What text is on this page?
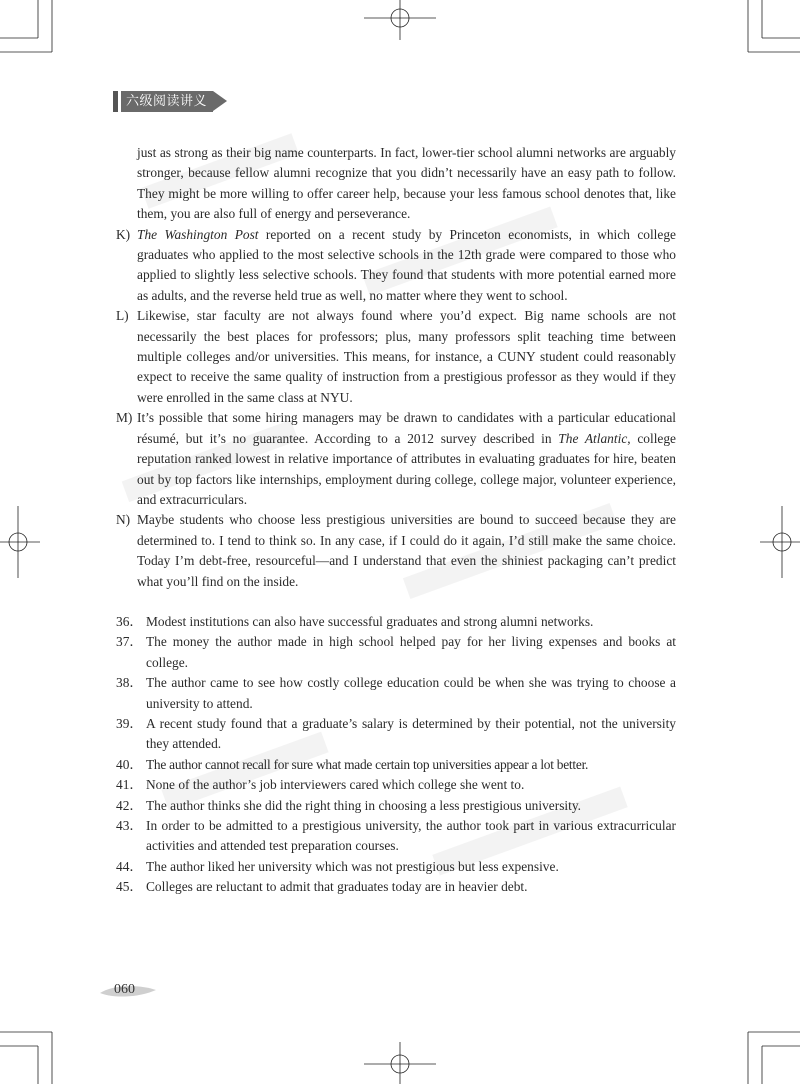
六级阅读讲义
just as strong as their big name counterparts. In fact, lower-tier school alumni networks are arguably stronger, because fellow alumni recognize that you didn’t necessarily have an easy path to follow. They might be more willing to offer career help, because your less famous school denotes that, like them, you are also full of energy and perseverance.
K) The Washington Post reported on a recent study by Princeton economists, in which college graduates who applied to the most selective schools in the 12th grade were compared to those who applied to slightly less selective schools. They found that students with more potential earned more as adults, and the reverse held true as well, no matter where they went to school.
L) Likewise, star faculty are not always found where you’d expect. Big name schools are not necessarily the best places for professors; plus, many professors split teaching time between multiple colleges and/or universities. This means, for instance, a CUNY student could reasonably expect to receive the same quality of instruction from a prestigious professor as they would if they were enrolled in the same class at NYU.
M) It’s possible that some hiring managers may be drawn to candidates with a particular educational résumé, but it’s no guarantee. According to a 2012 survey described in The Atlantic, college reputation ranked lowest in relative importance of attributes in evaluating graduates for hire, beaten out by top factors like internships, employment during college, college major, volunteer experience, and extracurriculars.
N) Maybe students who choose less prestigious universities are bound to succeed because they are determined to. I tend to think so. In any case, if I could do it again, I’d still make the same choice. Today I’m debt-free, resourceful—and I understand that even the shiniest packaging can’t predict what you’ll find on the inside.
36． Modest institutions can also have successful graduates and strong alumni networks.
37． The money the author made in high school helped pay for her living expenses and books at college.
38． The author came to see how costly college education could be when she was trying to choose a university to attend.
39． A recent study found that a graduate’s salary is determined by their potential, not the university they attended.
40． The author cannot recall for sure what made certain top universities appear a lot better.
41． None of the author’s job interviewers cared which college she went to.
42． The author thinks she did the right thing in choosing a less prestigious university.
43． In order to be admitted to a prestigious university, the author took part in various extracurricular activities and attended test preparation courses.
44． The author liked her university which was not prestigious but less expensive.
45． Colleges are reluctant to admit that graduates today are in heavier debt.
060
